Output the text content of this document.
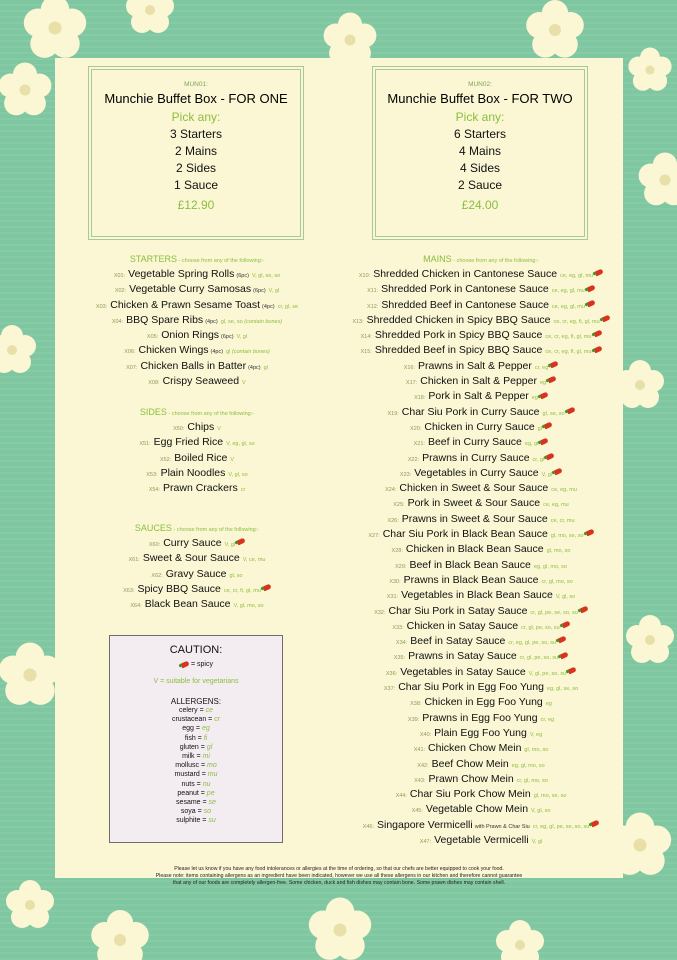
MUN01:
Munchie Buffet Box - FOR ONE
Pick any:
3 Starters
2 Mains
2 Sides
1 Sauce
£12.90
MUN02:
Munchie Buffet Box - FOR TWO
Pick any:
6 Starters
4 Mains
4 Sides
2 Sauce
£24.00
STARTERS - choose from any of the following:-
X01: Vegetable Spring Rolls (6pc) V, gl, se, so
X02: Vegetable Curry Samosas (6pc) V, gl
X03: Chicken & Prawn Sesame Toast (4pc) cr, gl, se
X04: BBQ Spare Ribs (4pc) gl, se, so (contain bones)
X05: Onion Rings (6pc) V, gl
X06: Chicken Wings (4pc) gl (contain bones)
X07: Chicken Balls in Batter (4pc) gl
X08: Crispy Seaweed V
SIDES - choose from any of the following:-
X50: Chips V
X51: Egg Fried Rice V, eg, gl, so
X52: Boiled Rice V
X53: Plain Noodles V, gl, so
X54: Prawn Crackers cr
SAUCES - choose from any of the following:-
X60: Curry Sauce V, gl
X61: Sweet & Sour Sauce V, ce, mu
X62: Gravy Sauce gl, so
X63: Spicy BBQ Sauce ce, cr, fi, gl, mu
X64: Black Bean Sauce V, gl, mo, so
MAINS - choose from any of the following:-
X10: Shredded Chicken in Cantonese Sauce ce, eg, gl, mu
X11: Shredded Pork in Cantonese Sauce ce, eg, gl, mu
X12: Shredded Beef in Cantonese Sauce ce, eg, gl, mu
X13: Shredded Chicken in Spicy BBQ Sauce ce, cr, eg, fi, gl, mu
X14: Shredded Pork in Spicy BBQ Sauce ce, cr, eg, fi, gl, mu
X15: Shredded Beef in Spicy BBQ Sauce ce, cr, eg, fi, gl, mu
X16: Prawns in Salt & Pepper cr, eg
X17: Chicken in Salt & Pepper eg
X18: Pork in Salt & Pepper eg
X19: Char Siu Pork in Curry Sauce gl, se, so
X20: Chicken in Curry Sauce gl
X21: Beef in Curry Sauce eg, gl
X22: Prawns in Curry Sauce cr, gl
X23: Vegetables in Curry Sauce V, gl
X24: Chicken in Sweet & Sour Sauce ce, eg, mu
X25: Pork in Sweet & Sour Sauce ce, eg, mu
X26: Prawns in Sweet & Sour Sauce ce, cr, mu
X27: Char Siu Pork in Black Bean Sauce gl, mo, se, so
X28: Chicken in Black Bean Sauce gl, mo, so
X29: Beef in Black Bean Sauce eg, gl, mo, so
X30: Prawns in Black Bean Sauce cr, gl, mo, so
X31: Vegetables in Black Bean Sauce V, gl, so
X32: Char Siu Pork in Satay Sauce cr, gl, pe, se, so, su
X33: Chicken in Satay Sauce cr, gl, pe, so, su
X34: Beef in Satay Sauce cr, eg, gl, pe, so, su
X35: Prawns in Satay Sauce cr, gl, pe, so, su
X36: Vegetables in Satay Sauce V, gl, pe, so, su
X37: Char Siu Pork in Egg Foo Yung eg, gl, se, so
X38: Chicken in Egg Foo Yung eg
X39: Prawns in Egg Foo Yung cr, eg
X40: Plain Egg Foo Yung V, eg
X41: Chicken Chow Mein gl, mo, so
X42: Beef Chow Mein eg, gl, mo, so
X43: Prawn Chow Mein cr, gl, mo, so
X44: Char Siu Pork Chow Mein gl, mo, se, so
X45: Vegetable Chow Mein V, gl, so
X46: Singapore Vermicelli with Prawn & Char Siu cr, eg, gl, pe, se, so, su
X47: Vegetable Vermicelli V, gl
CAUTION:
= spicy
V = suitable for vegetarians
ALLERGENS:
celery = ce
crustacean = cr
egg = eg
fish = fi
gluten = gl
milk = mi
mollusc = mo
mustard = mu
nuts = nu
peanut = pe
sesame = se
soya = so
sulphite = su
Please let us know if you have any food intolerances or allergies at the time of ordering, so that our chefs are better equipped to cook your food.
Please note: items containing allergens as an ingredient have been indicated, however we use all these allergens in our kitchen and therefore cannot guarantee
that any of our foods are completely allergen-free. Some chicken, duck and fish dishes may contain bone. Some prawn dishes may contain shell.
